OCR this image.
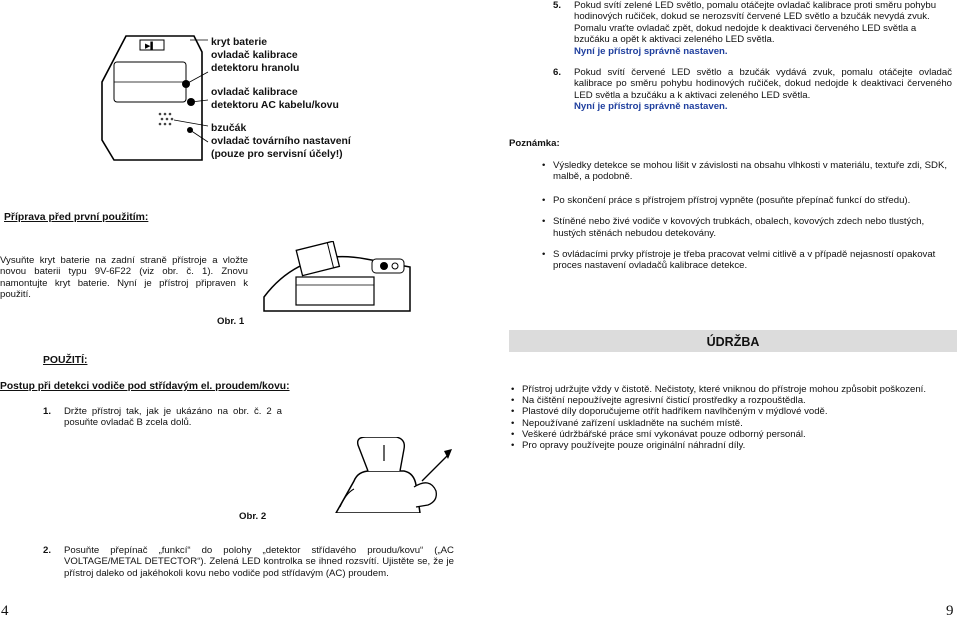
▶▌	kryt baterie
ovladač kalibrace
detektoru hranolu
ovladač kalibrace
detektoru AC kabelu/kovu
bzučák
ovladač továrního nastavení
(pouze pro servisní účely!)
Příprava před první použitím:
Vysuňte kryt baterie na zadní straně přístroje a vložte novou baterii typu 9V-6F22 (viz obr. č. 1). Znovu namontujte kryt baterie. Nyní je přístroj připraven k použití.
Obr. 1
POUŽITÍ:
Postup při detekci vodiče pod střídavým el. proudem/kovu:
1. Držte přístroj tak, jak je ukázáno na obr. č. 2 a posuňte ovladač B zcela dolů.
Obr. 2
2. Posuňte přepínač „funkcí“ do polohy „detektor střídavého proudu/kovu“ („AC VOLTAGE/METAL DETECTOR“). Zelená LED kontrolka se ihned rozsvítí. Ujistěte se, že je přístroj daleko od jakéhokoli kovu nebo vodiče pod střídavým (AC) proudem.
4
5. Pokud svítí zelené LED světlo, pomalu otáčejte ovladač kalibrace proti směru pohybu hodinových ručiček, dokud se nerozsvítí červené LED světlo a bzučák nevydá zvuk. Pomalu vraťte ovladač zpět, dokud nedojde k deaktivaci červeného LED světla a bzučáku a opět k aktivaci zeleného LED světla.
Nyní je přístroj správně nastaven.
6. Pokud svítí červené LED světlo a bzučák vydává zvuk, pomalu otáčejte ovladač kalibrace po směru pohybu hodinových ručiček, dokud nedojde k deaktivaci červeného LED světla a bzučáku a k aktivaci zeleného LED světla.
Nyní je přístroj správně nastaven.
Poznámka:
• Výsledky detekce se mohou lišit v závislosti na obsahu vlhkosti v materiálu, textuře zdi, SDK, malbě, a podobně.
• Po skončení práce s přístrojem přístroj vypněte (posuňte přepínač funkcí do středu).
• Stíněné nebo živé vodiče v kovových trubkách, obalech, kovových zdech nebo tlustých, hustých stěnách nebudou detekovány.
• S ovládacími prvky přístroje je třeba pracovat velmi citlivě a v případě nejasností opakovat proces nastavení ovladačů kalibrace detekce.
ÚDRŽBA
• Přístroj udržujte vždy v čistotě. Nečistoty, které vniknou do přístroje mohou způsobit poškození.
• Na čištění nepoužívejte agresivní čisticí prostředky a rozpouštědla.
• Plastové díly doporučujeme otřít hadříkem navlhčeným v mýdlové vodě.
• Nepoužívané zařízení uskladněte na suchém místě.
• Veškeré údržbářské práce smí vykonávat pouze odborný personál.
• Pro opravy používejte pouze originální náhradní díly.
9
